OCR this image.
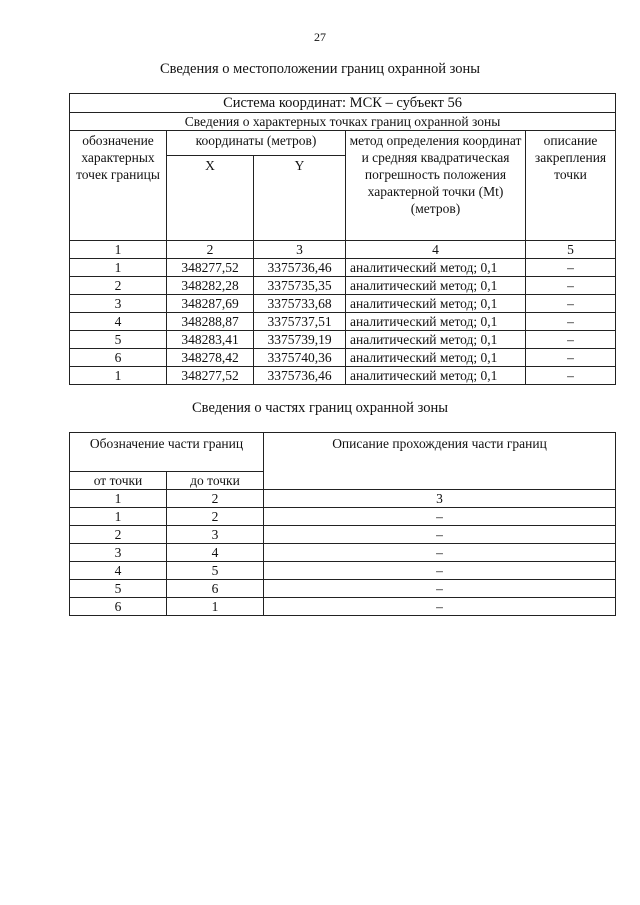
27
Сведения о местоположении границ охранной зоны
Система координат: МСК – субъект 56				
Сведения о характерных точках границ охранной зоны				
обозначение характерных точек границы	координаты (метров)		метод определения координат и средняя квадратическая погрешность положения характерной точки (Mt) (метров)	описание закрепления точки
	X	Y		
1	2	3	4	5
1	348277,52	3375736,46	аналитический метод; 0,1	–
2	348282,28	3375735,35	аналитический метод; 0,1	–
3	348287,69	3375733,68	аналитический метод; 0,1	–
4	348288,87	3375737,51	аналитический метод; 0,1	–
5	348283,41	3375739,19	аналитический метод; 0,1	–
6	348278,42	3375740,36	аналитический метод; 0,1	–
1	348277,52	3375736,46	аналитический метод; 0,1	–
Сведения о частях границ охранной зоны
Обозначение части границ		Описание прохождения части границ
от точки	до точки	
1	2	3
1	2	–
2	3	–
3	4	–
4	5	–
5	6	–
6	1	–
